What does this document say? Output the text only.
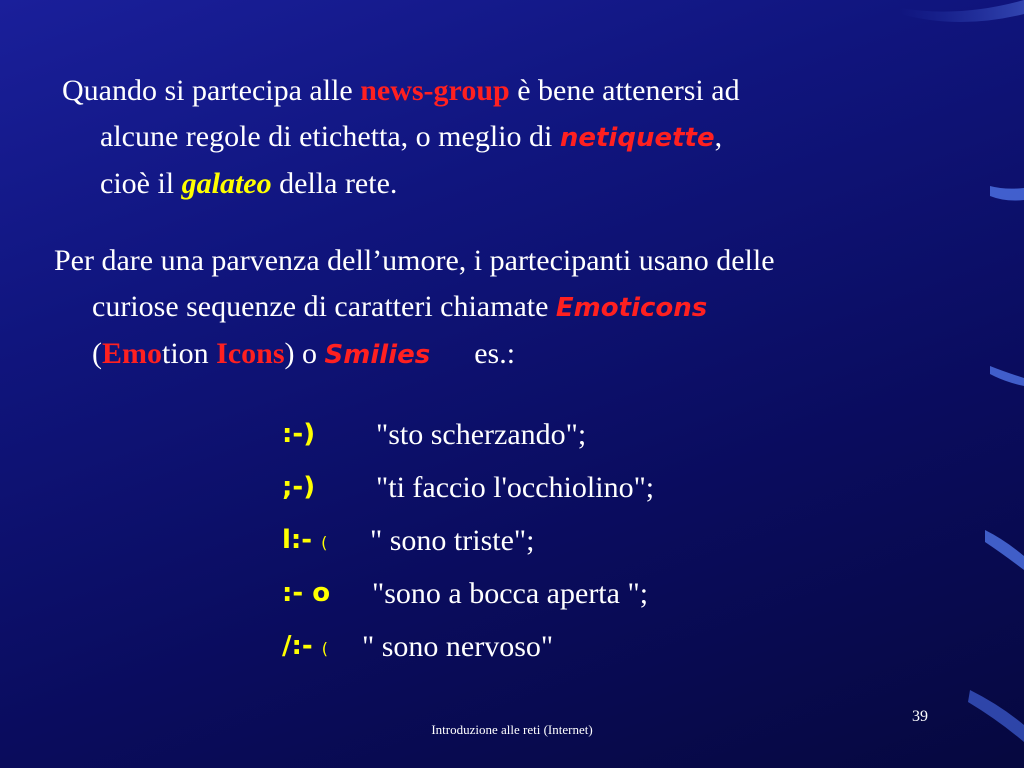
Quando si partecipa alle news-group è bene attenersi ad
alcune regole di etichetta, o meglio di netiquette,
cioè il galateo della rete.
Per dare una parvenza dell’umore, i partecipanti usano delle
curiose sequenze di caratteri chiamate Emoticons
(Emotion Icons) o Smilies es.:
:-) "sto scherzando";
;-) "ti faccio l'occhiolino";
l:- ( " sono triste";
:- o "sono a bocca aperta ";
/:- ( " sono nervoso"
Introduzione alle reti (Internet)
39
